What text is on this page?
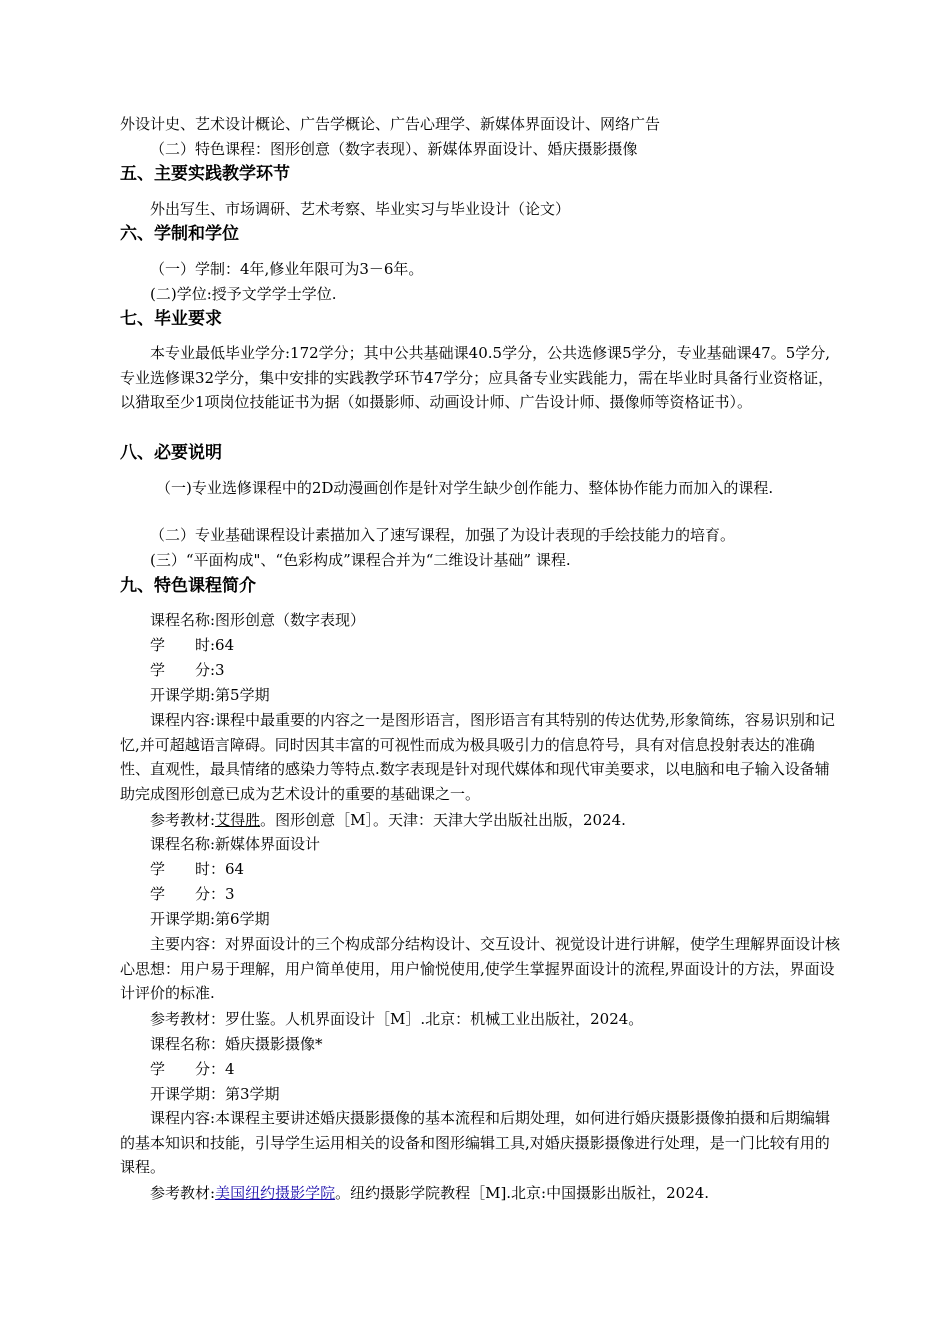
外设计史、艺术设计概论、广告学概论、广告心理学、新媒体界面设计、网络广告
（二）特色课程：图形创意（数字表现）、新媒体界面设计、婚庆摄影摄像
五、主要实践教学环节
外出写生、市场调研、艺术考察、毕业实习与毕业设计（论文）
六、学制和学位
（一）学制：4年,修业年限可为3－6年。
(二)学位:授予文学学士学位.
七、毕业要求
本专业最低毕业学分:172学分；其中公共基础课40.5学分，公共选修课5学分，专业基础课47。5学分,专业选修课32学分，集中安排的实践教学环节47学分；应具备专业实践能力，需在毕业时具备行业资格证，以猎取至少1项岗位技能证书为据（如摄影师、动画设计师、广告设计师、摄像师等资格证书）。
八、必要说明
（一)专业选修课程中的2D动漫画创作是针对学生缺少创作能力、整体协作能力而加入的课程.
（二）专业基础课程设计素描加入了速写课程，加强了为设计表现的手绘技能力的培育。
(三）“平面构成"、“色彩构成”课程合并为“二维设计基础” 课程.
九、特色课程简介
课程名称:图形创意（数字表现）
学　　时:64
学　　分:3
开课学期:第5学期
课程内容:课程中最重要的内容之一是图形语言，图形语言有其特别的传达优势,形象简练，容易识别和记忆,并可超越语言障碍。同时因其丰富的可视性而成为极具吸引力的信息符号，具有对信息投射表达的准确性、直观性，最具情绪的感染力等特点.数字表现是针对现代媒体和现代审美要求，以电脑和电子输入设备辅助完成图形创意已成为艺术设计的重要的基础课之一。
参考教材:艾得胜。图形创意［M］。天津：天津大学出版社出版，2024.
课程名称:新媒体界面设计
学　　时：64
学　　分：3
开课学期:第6学期
主要内容：对界面设计的三个构成部分结构设计、交互设计、视觉设计进行讲解，使学生理解界面设计核心思想：用户易于理解，用户简单使用，用户愉悦使用,使学生掌握界面设计的流程,界面设计的方法，界面设计评价的标准.
参考教材：罗仕鉴。人机界面设计［M］.北京：机械工业出版社，2024。
课程名称：婚庆摄影摄像*
学　　分：4
开课学期：第3学期
课程内容:本课程主要讲述婚庆摄影摄像的基本流程和后期处理，如何进行婚庆摄影摄像拍摄和后期编辑的基本知识和技能，引导学生运用相关的设备和图形编辑工具,对婚庆摄影摄像进行处理，是一门比较有用的课程。
参考教材:美国纽约摄影学院。纽约摄影学院教程［M].北京:中国摄影出版社，2024.
